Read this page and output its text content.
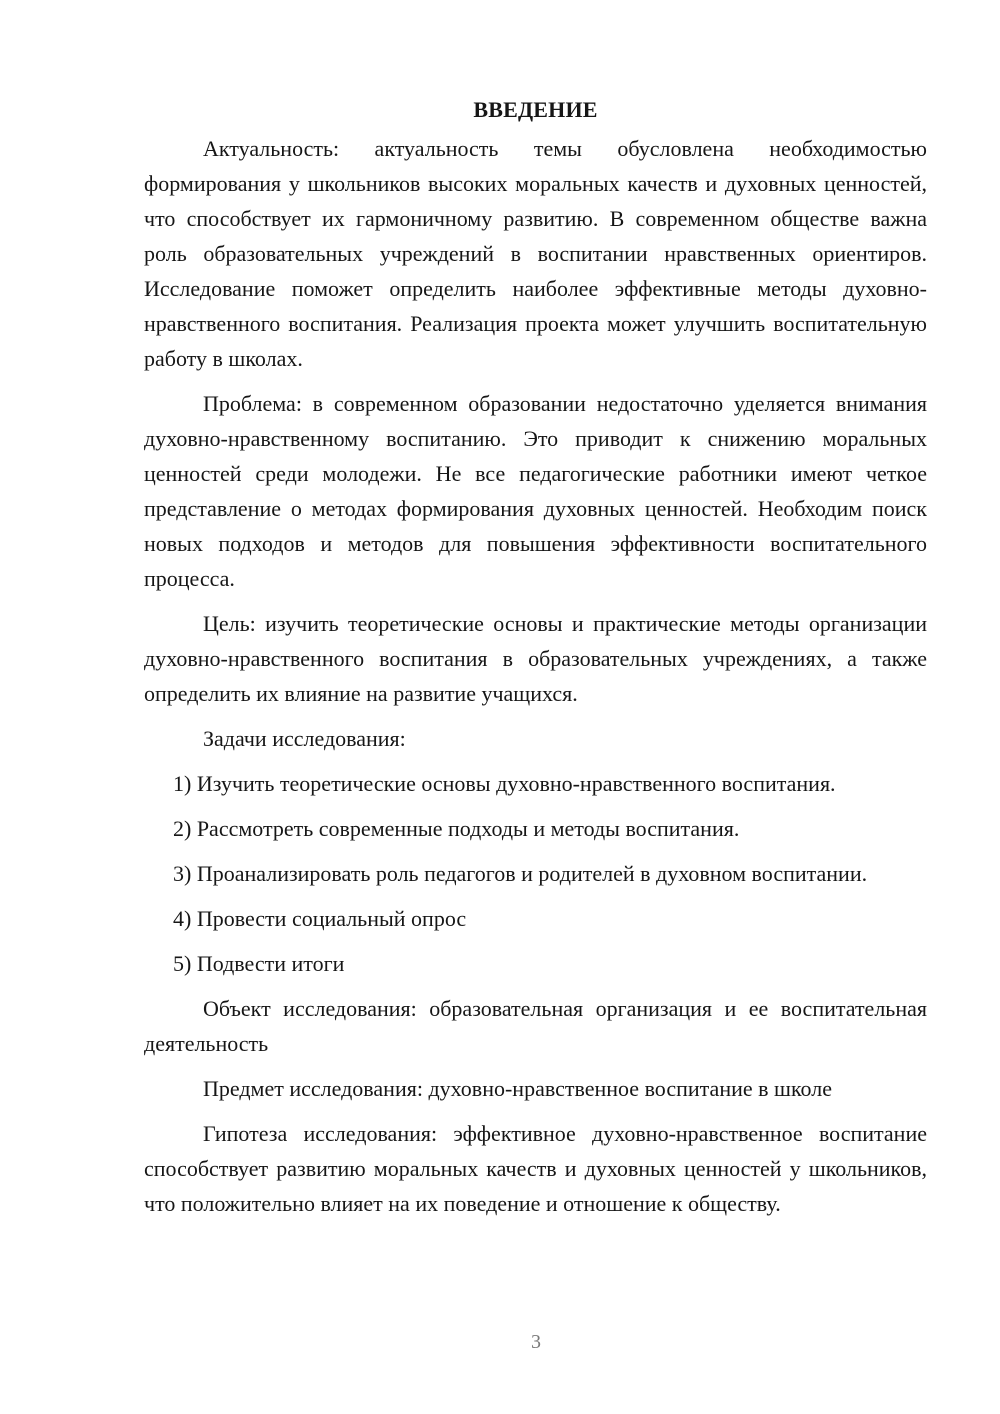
ВВЕДЕНИЕ

Актуальность: актуальность темы обусловлена необходимостью формирования у школьников высоких моральных качеств и духовных ценностей, что способствует их гармоничному развитию. В современном обществе важна роль образовательных учреждений в воспитании нравственных ориентиров. Исследование поможет определить наиболее эффективные методы духовно-нравственного воспитания. Реализация проекта может улучшить воспитательную работу в школах.

Проблема: в современном образовании недостаточно уделяется внимания духовно-нравственному воспитанию. Это приводит к снижению моральных ценностей среди молодежи. Не все педагогические работники имеют четкое представление о методах формирования духовных ценностей. Необходим поиск новых подходов и методов для повышения эффективности воспитательного процесса.

Цель: изучить теоретические основы и практические методы организации духовно-нравственного воспитания в образовательных учреждениях, а также определить их влияние на развитие учащихся.

Задачи исследования:

1) Изучить теоретические основы духовно-нравственного воспитания.

2) Рассмотреть современные подходы и методы воспитания.

3) Проанализировать роль педагогов и родителей в духовном воспитании.

4) Провести социальный опрос

5) Подвести итоги

Объект исследования: образовательная организация и ее воспитательная деятельность

Предмет исследования: духовно-нравственное воспитание в школе

Гипотеза исследования: эффективное духовно-нравственное воспитание способствует развитию моральных качеств и духовных ценностей у школьников, что положительно влияет на их поведение и отношение к обществу.

3
